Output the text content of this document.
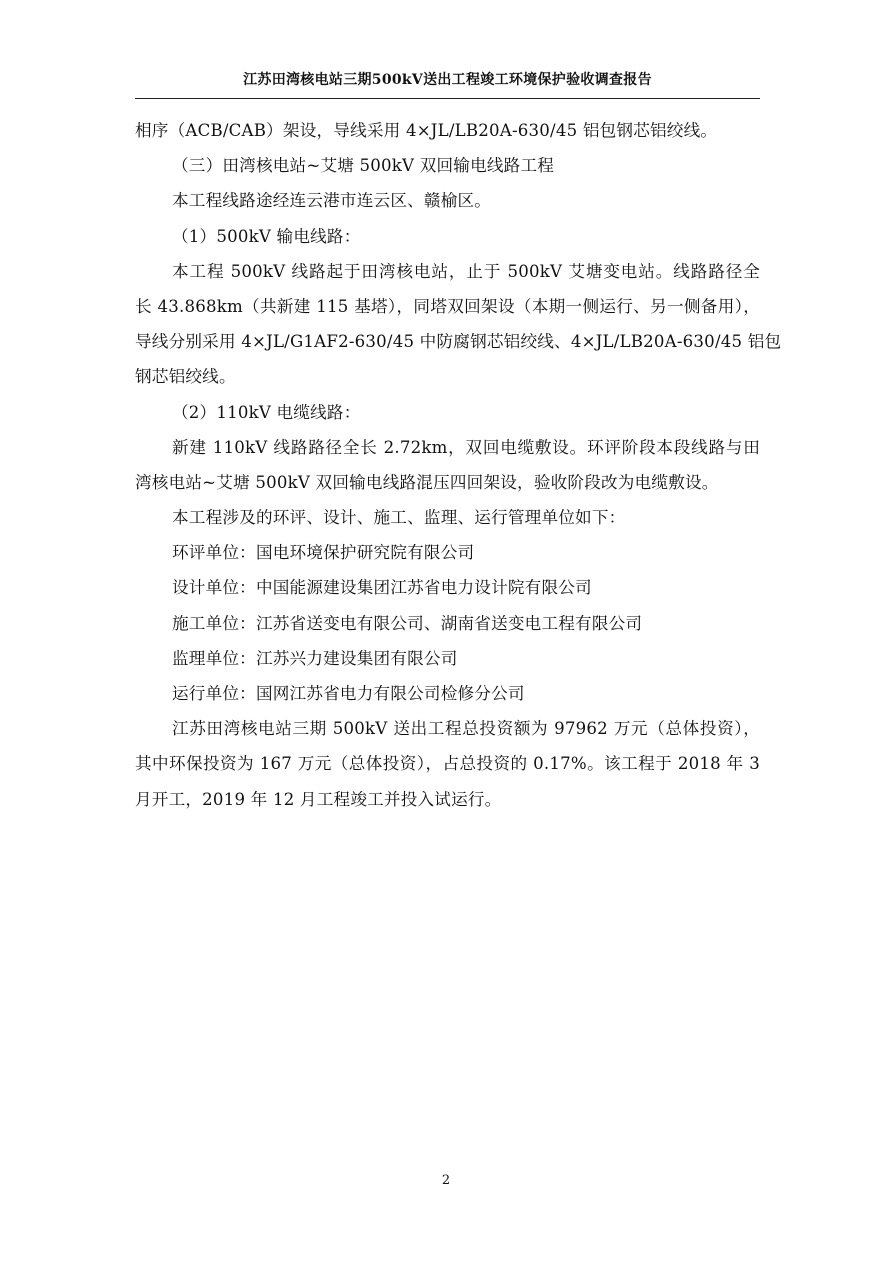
江苏田湾核电站三期500kV送出工程竣工环境保护验收调查报告
相序（ACB/CAB）架设，导线采用 4×JL/LB20A-630/45 铝包钢芯铝绞线。
（三）田湾核电站~艾塘 500kV 双回输电线路工程
本工程线路途经连云港市连云区、赣榆区。
（1）500kV 输电线路：
本工程 500kV 线路起于田湾核电站，止于 500kV 艾塘变电站。线路路径全
长 43.868km（共新建 115 基塔），同塔双回架设（本期一侧运行、另一侧备用），
导线分别采用 4×JL/G1AF2-630/45 中防腐钢芯铝绞线、4×JL/LB20A-630/45 铝包
钢芯铝绞线。
（2）110kV 电缆线路：
新建 110kV 线路路径全长 2.72km，双回电缆敷设。环评阶段本段线路与田
湾核电站~艾塘 500kV 双回输电线路混压四回架设，验收阶段改为电缆敷设。
本工程涉及的环评、设计、施工、监理、运行管理单位如下：
环评单位：国电环境保护研究院有限公司
设计单位：中国能源建设集团江苏省电力设计院有限公司
施工单位：江苏省送变电有限公司、湖南省送变电工程有限公司
监理单位：江苏兴力建设集团有限公司
运行单位：国网江苏省电力有限公司检修分公司
江苏田湾核电站三期 500kV 送出工程总投资额为 97962 万元（总体投资），
其中环保投资为 167 万元（总体投资），占总投资的 0.17%。该工程于 2018 年 3
月开工，2019 年 12 月工程竣工并投入试运行。
2
